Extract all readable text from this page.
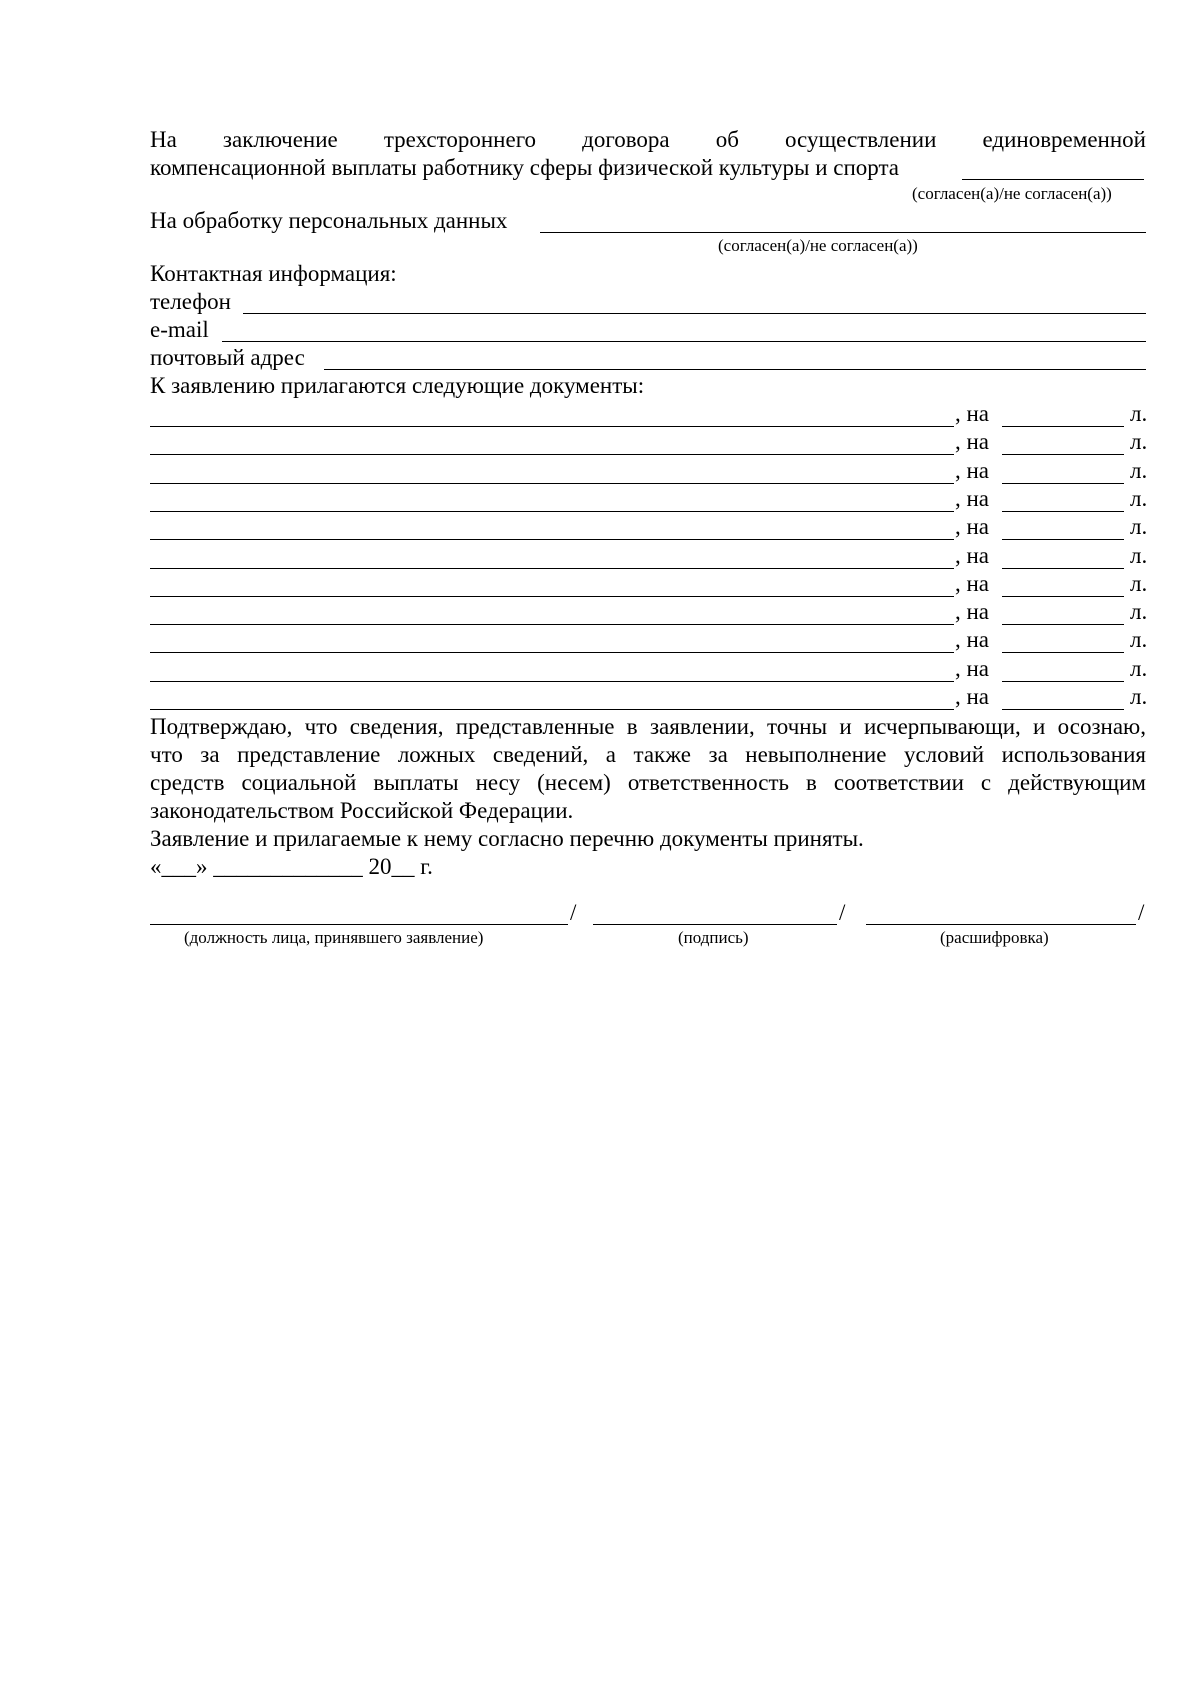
На заключение трехстороннего договора об осуществлении единовременной
компенсационной выплаты работнику сферы физической культуры и спорта
(согласен(а)/не согласен(а))
На обработку персональных данных
(согласен(а)/не согласен(а))
Контактная информация:
телефон
e-mail
почтовый адрес
К заявлению прилагаются следующие документы:
, на	л.
, на	л.
, на	л.
, на	л.
, на	л.
, на	л.
, на	л.
, на	л.
, на	л.
, на	л.
, на	л.
Подтверждаю, что сведения, представленные в заявлении, точны и исчерпывающи, и осознаю,
что за представление ложных сведений, а также за невыполнение условий использования
средств социальной выплаты несу (несем) ответственность в соответствии с действующим
законодательством Российской Федерации.
Заявление и прилагаемые к нему согласно перечню документы приняты.
«___» _____________ 20__ г.
/	/	/
(должность лица, принявшего заявление)	(подпись)	(расшифровка)
